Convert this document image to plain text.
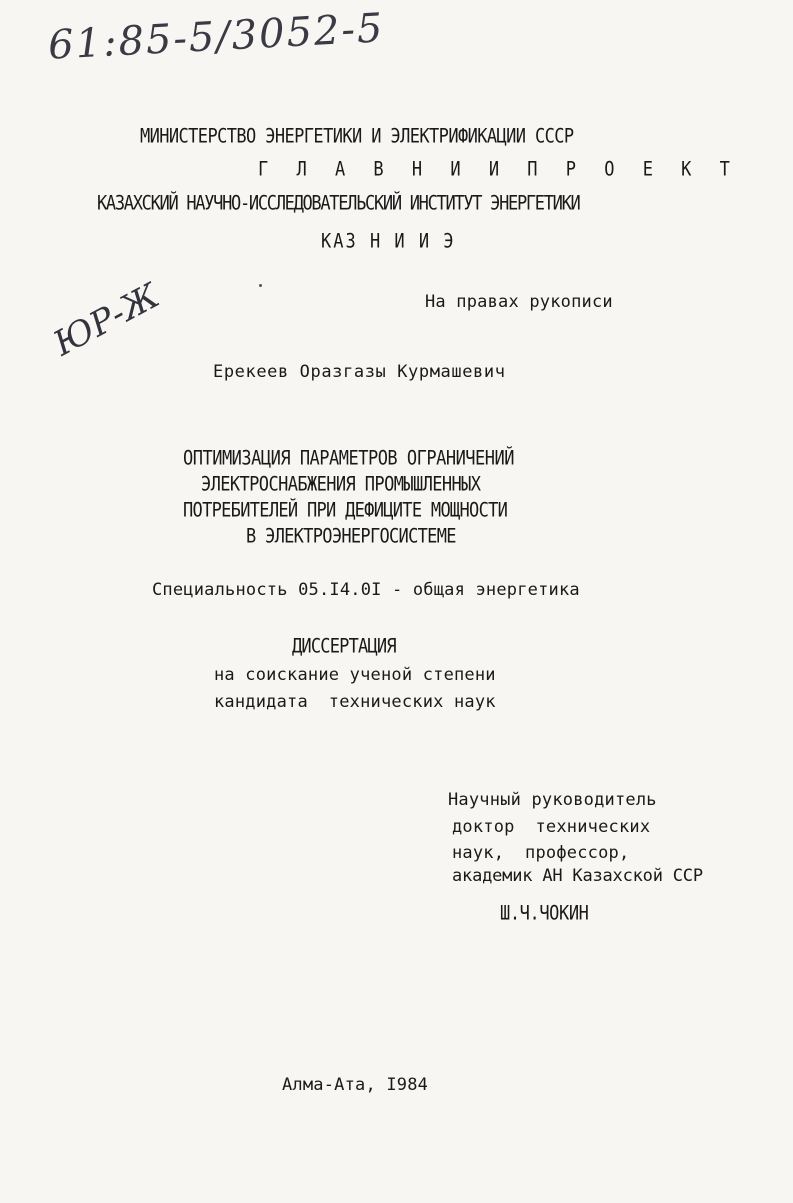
61:85-5/3052-5
МИНИСТЕРСТВО ЭНЕРГЕТИКИ И ЭЛЕКТРИФИКАЦИИ СССР
Г Л А В Н И И П Р О Е К Т
КАЗАХСКИЙ НАУЧНО-ИССЛЕДОВАТЕЛЬСКИЙ ИНСТИТУТ ЭНЕРГЕТИКИ
КАЗ Н И И Э
На правах рукописи
ЮР-Ж
Ерекеев Оразгазы Курмашевич
ОПТИМИЗАЦИЯ ПАРАМЕТРОВ ОГРАНИЧЕНИЙ
ЭЛЕКТРОСНАБЖЕНИЯ ПРОМЫШЛЕННЫХ
ПОТРЕБИТЕЛЕЙ ПРИ ДЕФИЦИТЕ МОЩНОСТИ
В ЭЛЕКТРОЭНЕРГОСИСТЕМЕ
Специальность 05.I4.0I - общая энергетика
ДИССЕРТАЦИЯ
на соискание ученой степени
кандидата  технических наук
Научный руководитель
доктор  технических
наук,  профессор,
академик АН Казахской ССР
Ш.Ч.ЧОКИН
Алма-Ата, I984
